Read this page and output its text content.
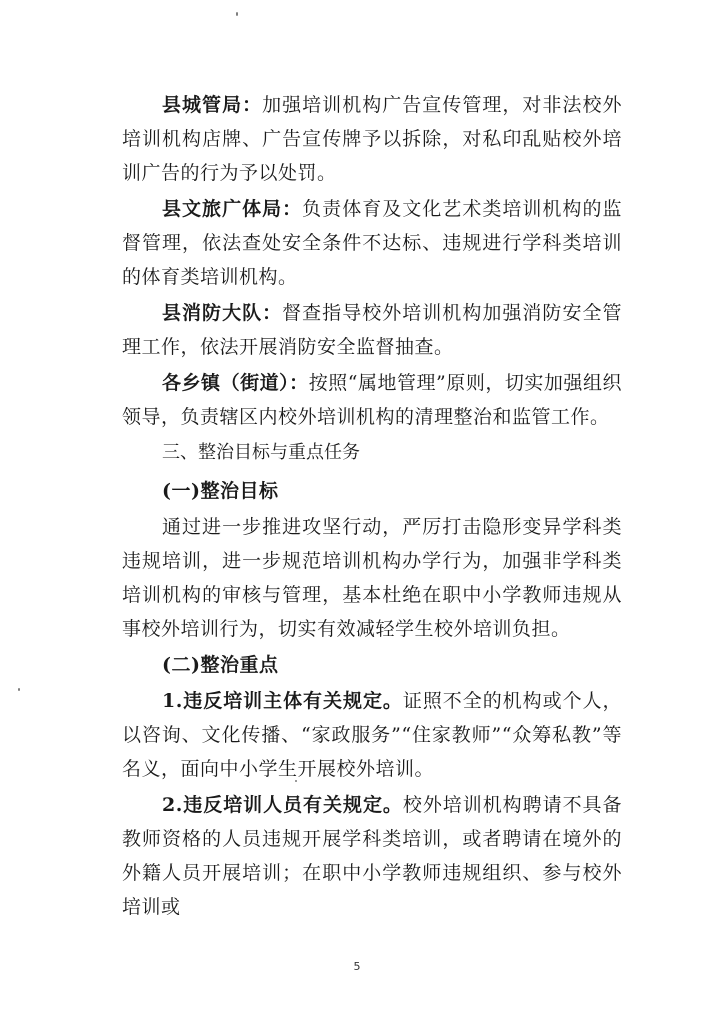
县城管局：加强培训机构广告宣传管理，对非法校外培训机构店牌、广告宣传牌予以拆除，对私印乱贴校外培训广告的行为予以处罚。

县文旅广体局：负责体育及文化艺术类培训机构的监督管理，依法查处安全条件不达标、违规进行学科类培训的体育类培训机构。

县消防大队：督查指导校外培训机构加强消防安全管理工作，依法开展消防安全监督抽查。

各乡镇（街道）：按照“属地管理”原则，切实加强组织领导，负责辖区内校外培训机构的清理整治和监管工作。

三、整治目标与重点任务

(一)整治目标

通过进一步推进攻坚行动，严厉打击隐形变异学科类违规培训，进一步规范培训机构办学行为，加强非学科类培训机构的审核与管理，基本杜绝在职中小学教师违规从事校外培训行为，切实有效减轻学生校外培训负担。

(二)整治重点

1.违反培训主体有关规定。证照不全的机构或个人，以咨询、文化传播、“家政服务”“住家教师”“众筹私教”等名义，面向中小学生开展校外培训。

2.违反培训人员有关规定。校外培训机构聘请不具备教师资格的人员违规开展学科类培训，或者聘请在境外的外籍人员开展培训；在职中小学教师违规组织、参与校外培训或

5
